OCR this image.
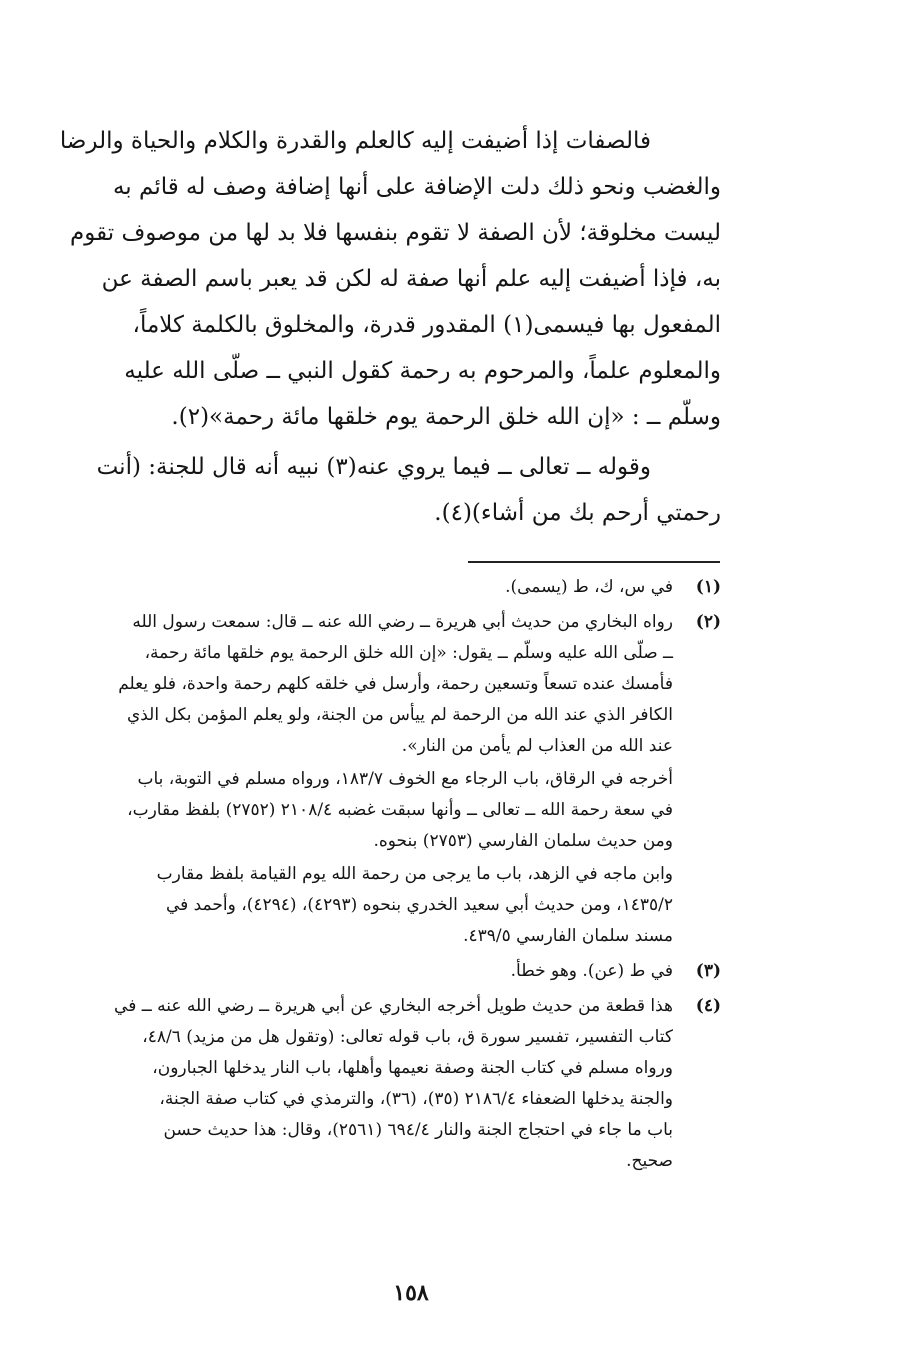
فالصفات إذا أضيفت إليه كالعلم والقدرة والكلام والحياة والرضا
والغضب ونحو ذلك دلت الإضافة على أنها إضافة وصف له قائم به
ليست مخلوقة؛ لأن الصفة لا تقوم بنفسها فلا بد لها من موصوف تقوم
به، فإذا أضيفت إليه علم أنها صفة له لكن قد يعبر باسم الصفة عن
المفعول بها فيسمى(١) المقدور قدرة، والمخلوق بالكلمة كلاماً،
والمعلوم علماً، والمرحوم به رحمة كقول النبي ــ صلّى الله عليه
وسلّم ــ : «إن الله خلق الرحمة يوم خلقها مائة رحمة»(٢).
وقوله ــ تعالى ــ فيما يروي عنه(٣) نبيه أنه قال للجنة: (أنت
رحمتي أرحم بك من أشاء)(٤).
(١)
في س، ك، ط (يسمى).
(٢)
رواه البخاري من حديث أبي هريرة ــ رضي الله عنه ــ قال: سمعت رسول الله
ــ صلّى الله عليه وسلّم ــ يقول: «إن الله خلق الرحمة يوم خلقها مائة رحمة،
فأمسك عنده تسعاً وتسعين رحمة، وأرسل في خلقه كلهم رحمة واحدة، فلو يعلم
الكافر الذي عند الله من الرحمة لم ييأس من الجنة، ولو يعلم المؤمن بكل الذي
عند الله من العذاب لم يأمن من النار».
أخرجه في الرقاق، باب الرجاء مع الخوف ١٨٣/٧، ورواه مسلم في التوبة، باب
في سعة رحمة الله ــ تعالى ــ وأنها سبقت غضبه ٢١٠٨/٤ (٢٧٥٢) بلفظ مقارب،
ومن حديث سلمان الفارسي (٢٧٥٣) بنحوه.
وابن ماجه في الزهد، باب ما يرجى من رحمة الله يوم القيامة بلفظ مقارب
١٤٣٥/٢، ومن حديث أبي سعيد الخدري بنحوه (٤٢٩٣)، (٤٢٩٤)، وأحمد في
مسند سلمان الفارسي ٤٣٩/٥.
(٣)
في ط (عن). وهو خطأ.
(٤)
هذا قطعة من حديث طويل أخرجه البخاري عن أبي هريرة ــ رضي الله عنه ــ في
كتاب التفسير، تفسير سورة ق، باب قوله تعالى: (وتقول هل من مزيد) ٤٨/٦،
ورواه مسلم في كتاب الجنة وصفة نعيمها وأهلها، باب النار يدخلها الجبارون،
والجنة يدخلها الضعفاء ٢١٨٦/٤ (٣٥)، (٣٦)، والترمذي في كتاب صفة الجنة،
باب ما جاء في احتجاج الجنة والنار ٦٩٤/٤ (٢٥٦١)، وقال: هذا حديث حسن
صحيح.
١٥٨
